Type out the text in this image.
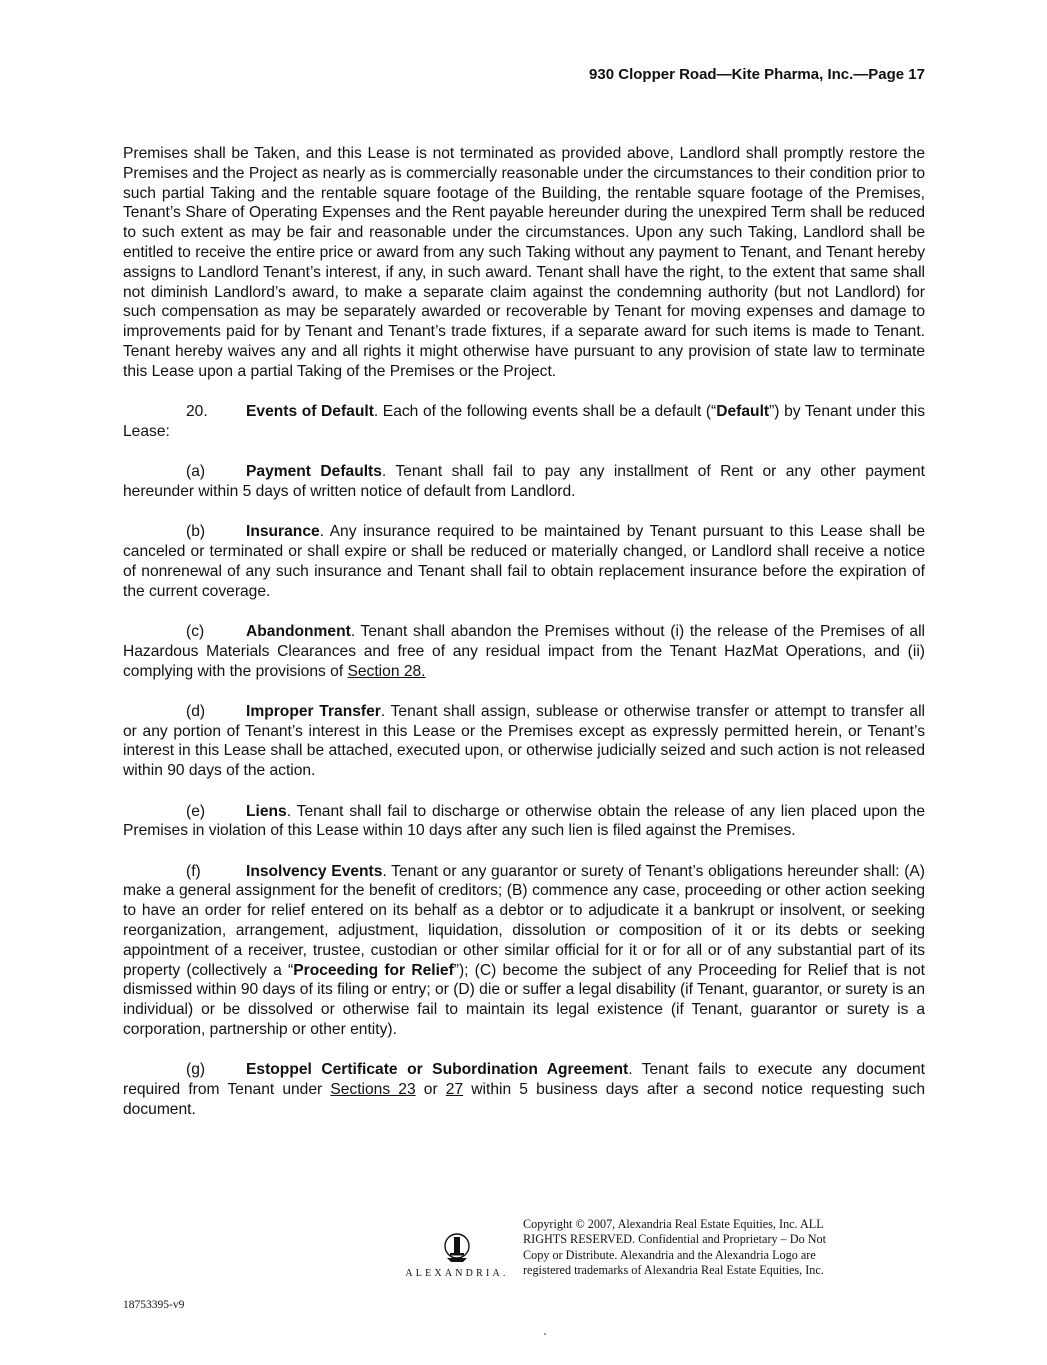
930 Clopper Road—Kite Pharma, Inc.—Page 17

Premises shall be Taken, and this Lease is not terminated as provided above, Landlord shall promptly restore the Premises and the Project as nearly as is commercially reasonable under the circumstances to their condition prior to such partial Taking and the rentable square footage of the Building, the rentable square footage of the Premises, Tenant’s Share of Operating Expenses and the Rent payable hereunder during the unexpired Term shall be reduced to such extent as may be fair and reasonable under the circumstances. Upon any such Taking, Landlord shall be entitled to receive the entire price or award from any such Taking without any payment to Tenant, and Tenant hereby assigns to Landlord Tenant’s interest, if any, in such award. Tenant shall have the right, to the extent that same shall not diminish Landlord’s award, to make a separate claim against the condemning authority (but not Landlord) for such compensation as may be separately awarded or recoverable by Tenant for moving expenses and damage to improvements paid for by Tenant and Tenant’s trade fixtures, if a separate award for such items is made to Tenant. Tenant hereby waives any and all rights it might otherwise have pursuant to any provision of state law to terminate this Lease upon a partial Taking of the Premises or the Project.

20. Events of Default. Each of the following events shall be a default (“Default”) by Tenant under this Lease:

(a)	Payment Defaults. Tenant shall fail to pay any installment of Rent or any other payment hereunder within 5 days of written notice of default from Landlord.

(b)	Insurance. Any insurance required to be maintained by Tenant pursuant to this Lease shall be canceled or terminated or shall expire or shall be reduced or materially changed, or Landlord shall receive a notice of nonrenewal of any such insurance and Tenant shall fail to obtain replacement insurance before the expiration of the current coverage.

(c)	Abandonment. Tenant shall abandon the Premises without (i) the release of the Premises of all Hazardous Materials Clearances and free of any residual impact from the Tenant HazMat Operations, and (ii) complying with the provisions of Section 28.

(d)	Improper Transfer. Tenant shall assign, sublease or otherwise transfer or attempt to transfer all or any portion of Tenant’s interest in this Lease or the Premises except as expressly permitted herein, or Tenant’s interest in this Lease shall be attached, executed upon, or otherwise judicially seized and such action is not released within 90 days of the action.

(e)	Liens. Tenant shall fail to discharge or otherwise obtain the release of any lien placed upon the Premises in violation of this Lease within 10 days after any such lien is filed against the Premises.

(f)	Insolvency Events. Tenant or any guarantor or surety of Tenant’s obligations hereunder shall: (A) make a general assignment for the benefit of creditors; (B) commence any case, proceeding or other action seeking to have an order for relief entered on its behalf as a debtor or to adjudicate it a bankrupt or insolvent, or seeking reorganization, arrangement, adjustment, liquidation, dissolution or composition of it or its debts or seeking appointment of a receiver, trustee, custodian or other similar official for it or for all or of any substantial part of its property (collectively a “Proceeding for Relief”); (C) become the subject of any Proceeding for Relief that is not dismissed within 90 days of its filing or entry; or (D) die or suffer a legal disability (if Tenant, guarantor, or surety is an individual) or be dissolved or otherwise fail to maintain its legal existence (if Tenant, guarantor or surety is a corporation, partnership or other entity).

(g)	Estoppel Certificate or Subordination Agreement. Tenant fails to execute any document required from Tenant under Sections 23 or 27 within 5 business days after a second notice requesting such document.

ALEXANDRIA.
Copyright © 2007, Alexandria Real Estate Equities, Inc. ALL
RIGHTS RESERVED. Confidential and Proprietary – Do Not
Copy or Distribute. Alexandria and the Alexandria Logo are
registered trademarks of Alexandria Real Estate Equities, Inc.
18753395-v9
